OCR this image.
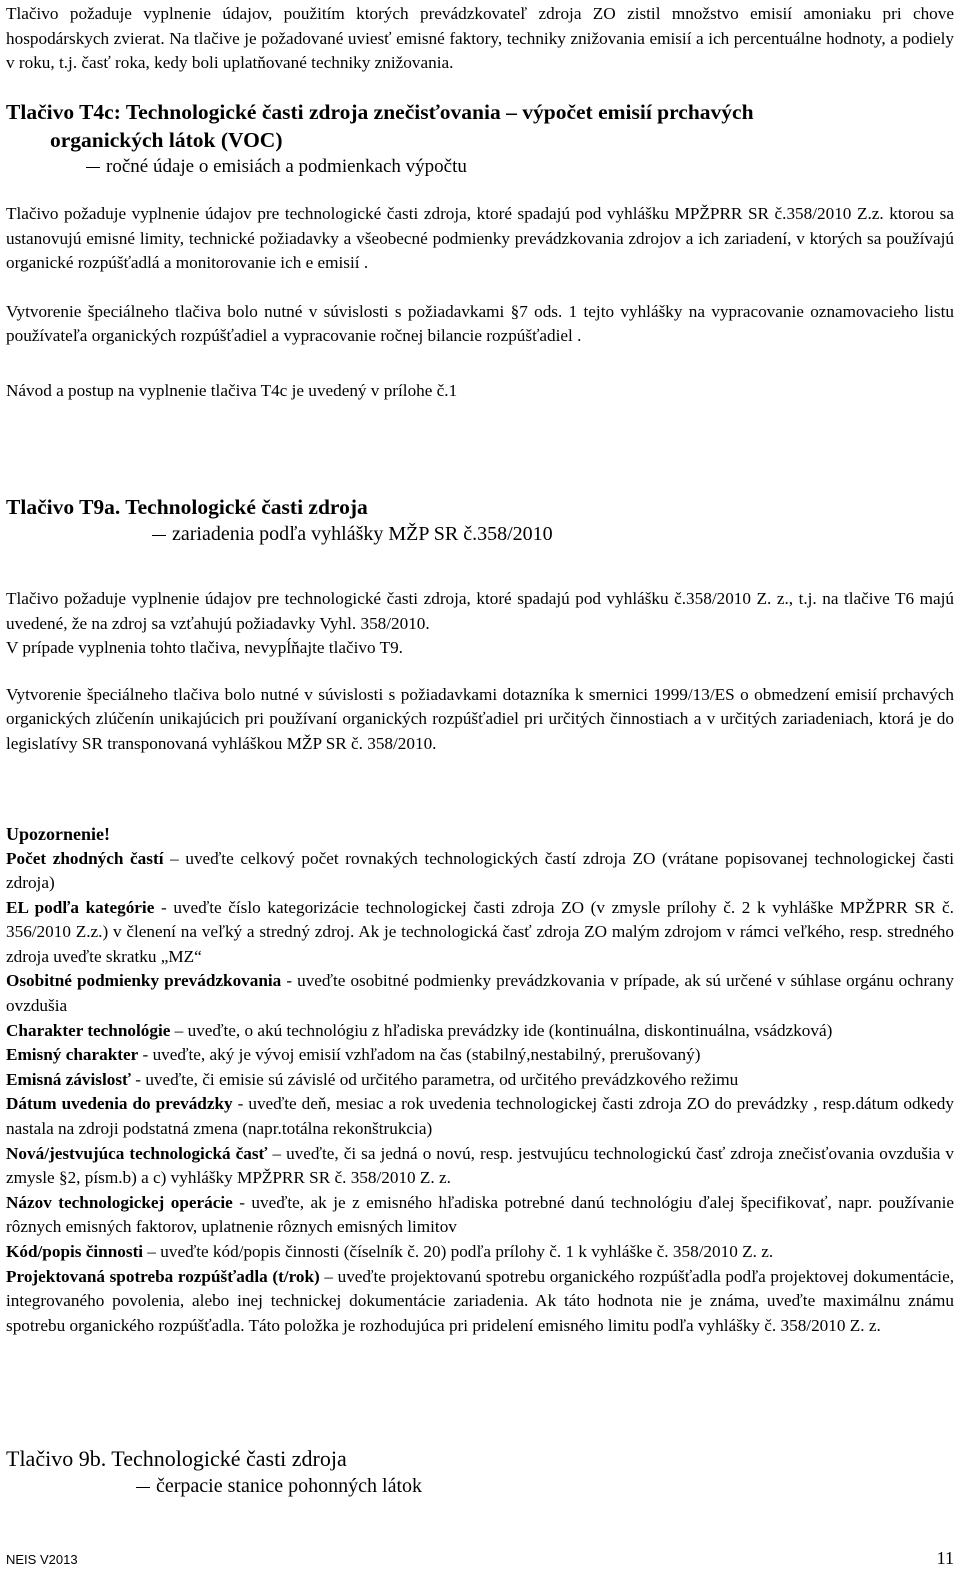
Tlačivo požaduje vyplnenie údajov, použitím ktorých prevádzkovateľ zdroja ZO zistil množstvo emisií amoniaku pri chove hospodárskych zvierat. Na tlačive je požadované uviesť emisné faktory, techniky znižovania emisií a ich percentuálne hodnoty, a podiely v roku, t.j. časť roka, kedy boli uplatňované techniky znižovania.

Tlačivo T4c: Technologické časti zdroja znečisťovania – výpočet emisií prchavých
organických látok (VOC)
ročné údaje o emisiách a podmienkach výpočtu

Tlačivo požaduje vyplnenie údajov pre technologické časti zdroja, ktoré spadajú pod vyhlášku MPŽPRR SR č.358/2010 Z.z. ktorou sa ustanovujú emisné limity, technické požiadavky a všeobecné podmienky prevádzkovania zdrojov a ich zariadení, v ktorých sa používajú organické rozpúšťadlá a monitorovanie ich e emisií .

Vytvorenie špeciálneho tlačiva bolo nutné v súvislosti s požiadavkami §7 ods. 1 tejto vyhlášky na vypracovanie oznamovacieho listu používateľa organických rozpúšťadiel a vypracovanie ročnej bilancie rozpúšťadiel .

Návod a postup na vyplnenie tlačiva T4c je uvedený v prílohe č.1

Tlačivo T9a. Technologické časti zdroja
zariadenia podľa vyhlášky MŽP SR č.358/2010

Tlačivo požaduje vyplnenie údajov pre technologické časti zdroja, ktoré spadajú pod vyhlášku č.358/2010 Z. z., t.j. na tlačive T6 majú uvedené, že na zdroj sa vzťahujú požiadavky Vyhl. 358/2010.

V prípade vyplnenia tohto tlačiva, nevypĺňajte tlačivo T9.

Vytvorenie špeciálneho tlačiva bolo nutné v súvislosti s požiadavkami dotazníka k smernici 1999/13/ES o obmedzení emisií prchavých organických zlúčenín unikajúcich pri používaní organických rozpúšťadiel pri určitých činnostiach a v určitých zariadeniach, ktorá je do legislatívy SR transponovaná vyhláškou MŽP SR č. 358/2010.

Upozornenie!

Počet zhodných častí – uveďte celkový počet rovnakých technologických častí zdroja ZO (vrátane popisovanej technologickej časti zdroja)

EL podľa kategórie - uveďte číslo kategorizácie technologickej časti zdroja ZO (v zmysle prílohy č. 2 k vyhláške MPŽPRR SR č. 356/2010 Z.z.) v členení na veľký a stredný zdroj. Ak je technologická časť zdroja ZO malým zdrojom v rámci veľkého, resp. stredného zdroja uveďte skratku „MZ“

Osobitné podmienky prevádzkovania - uveďte osobitné podmienky prevádzkovania v prípade, ak sú určené v súhlase orgánu ochrany ovzdušia

Charakter technológie – uveďte, o akú technológiu z hľadiska prevádzky ide (kontinuálna, diskontinuálna, vsádzková)

Emisný charakter - uveďte, aký je vývoj emisií vzhľadom na čas (stabilný,nestabilný, prerušovaný)

Emisná závislosť - uveďte, či emisie sú závislé od určitého parametra, od určitého prevádzkového režimu

Dátum uvedenia do prevádzky - uveďte deň, mesiac a rok uvedenia technologickej časti zdroja ZO do prevádzky , resp.dátum odkedy nastala na zdroji podstatná zmena (napr.totálna rekonštrukcia)

Nová/jestvujúca technologická časť – uveďte, či sa jedná o novú, resp. jestvujúcu technologickú časť zdroja znečisťovania ovzdušia v zmysle §2, písm.b) a c) vyhlášky MPŽPRR SR č. 358/2010 Z. z.

Názov technologickej operácie - uveďte, ak je z emisného hľadiska potrebné danú technológiu ďalej špecifikovať, napr. používanie rôznych emisných faktorov, uplatnenie rôznych emisných limitov

Kód/popis činnosti – uveďte kód/popis činnosti (číselník č. 20) podľa prílohy č. 1 k vyhláške č. 358/2010 Z. z.

Projektovaná spotreba rozpúšťadla (t/rok) – uveďte projektovanú spotrebu organického rozpúšťadla podľa projektovej dokumentácie, integrovaného povolenia, alebo inej technickej dokumentácie zariadenia. Ak táto hodnota nie je známa, uveďte maximálnu známu spotrebu organického rozpúšťadla. Táto položka je rozhodujúca pri pridelení emisného limitu podľa vyhlášky č. 358/2010 Z. z.

Tlačivo 9b. Technologické časti zdroja
čerpacie stanice pohonných látok
NEIS V2013	11
